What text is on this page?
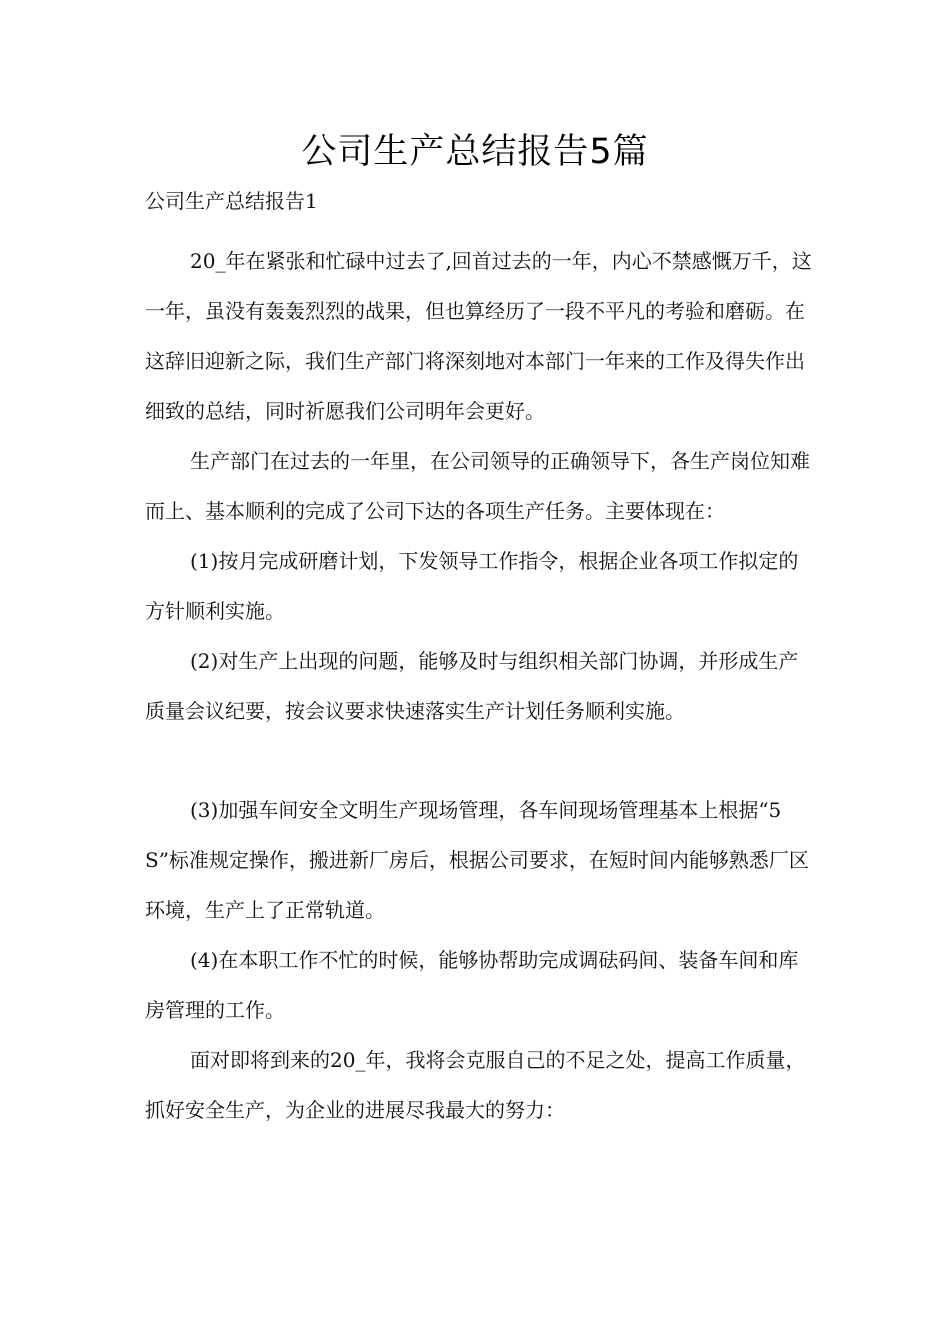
公司生产总结报告5篇
公司生产总结报告1

20_年在紧张和忙碌中过去了,回首过去的一年，内心不禁感慨万千，这一年，虽没有轰轰烈烈的战果，但也算经历了一段不平凡的考验和磨砺。在这辞旧迎新之际，我们生产部门将深刻地对本部门一年来的工作及得失作出细致的总结，同时祈愿我们公司明年会更好。

生产部门在过去的一年里，在公司领导的正确领导下，各生产岗位知难而上、基本顺利的完成了公司下达的各项生产任务。主要体现在：

(1)按月完成研磨计划，下发领导工作指令，根据企业各项工作拟定的方针顺利实施。

(2)对生产上出现的问题，能够及时与组织相关部门协调，并形成生产质量会议纪要，按会议要求快速落实生产计划任务顺利实施。

(3)加强车间安全文明生产现场管理，各车间现场管理基本上根据“5S”标准规定操作，搬进新厂房后，根据公司要求，在短时间内能够熟悉厂区环境，生产上了正常轨道。

(4)在本职工作不忙的时候，能够协帮助完成调砝码间、装备车间和库房管理的工作。

面对即将到来的20_年，我将会克服自己的不足之处，提高工作质量，抓好安全生产，为企业的进展尽我最大的努力：
